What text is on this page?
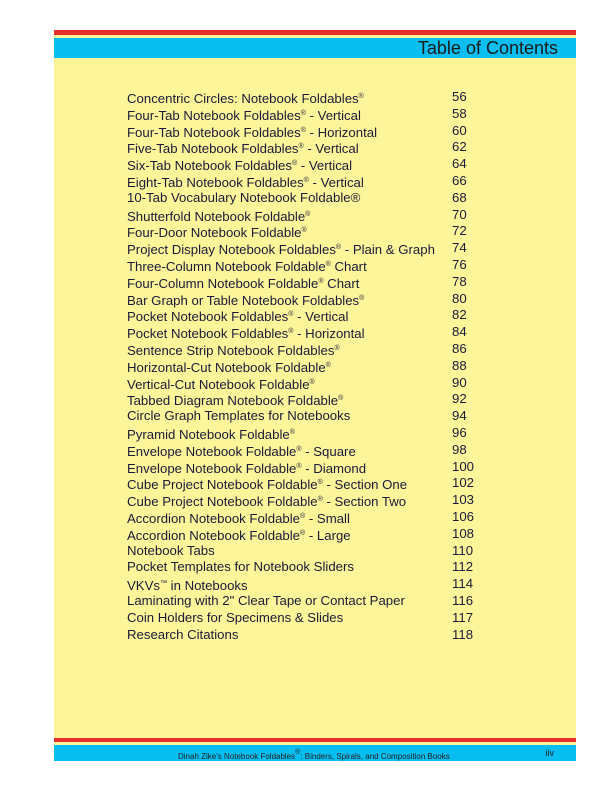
Table of Contents
Concentric Circles: Notebook Foldables®	56
Four-Tab Notebook Foldables® - Vertical	58
Four-Tab Notebook Foldables® - Horizontal	60
Five-Tab Notebook Foldables® - Vertical	62
Six-Tab Notebook Foldables® - Vertical	64
Eight-Tab Notebook Foldables® - Vertical	66
10-Tab Vocabulary Notebook Foldable®	68
Shutterfold Notebook Foldable®	70
Four-Door Notebook Foldable®	72
Project Display Notebook Foldables® - Plain & Graph	74
Three-Column Notebook Foldable® Chart	76
Four-Column Notebook Foldable® Chart	78
Bar Graph or Table Notebook Foldables®	80
Pocket Notebook Foldables® - Vertical	82
Pocket Notebook Foldables® - Horizontal	84
Sentence Strip Notebook Foldables®	86
Horizontal-Cut Notebook Foldable®	88
Vertical-Cut Notebook Foldable®	90
Tabbed Diagram Notebook Foldable®	92
Circle Graph Templates for Notebooks	94
Pyramid Notebook Foldable®	96
Envelope Notebook Foldable® - Square	98
Envelope Notebook Foldable® - Diamond	100
Cube Project Notebook Foldable® - Section One	102
Cube Project Notebook Foldable® - Section Two	103
Accordion Notebook Foldable® - Small	106
Accordion Notebook Foldable® - Large	108
Notebook Tabs	110
Pocket Templates for Notebook Sliders	112
VKVs™ in Notebooks	114
Laminating with 2" Clear Tape or Contact Paper	116
Coin Holders for Specimens & Slides	117
Research Citations	118
Dinah Zike's Notebook Foldables®: Binders, Spirals, and Composition Books	iiv
